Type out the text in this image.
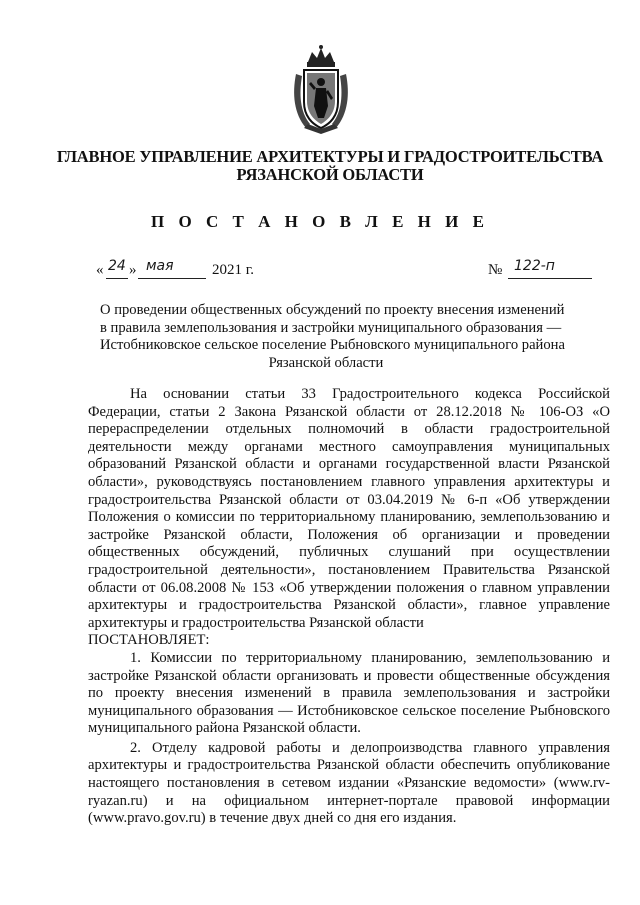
ГЛАВНОЕ УПРАВЛЕНИЕ АРХИТЕКТУРЫ И ГРАДОСТРОИТЕЛЬСТВА
РЯЗАНСКОЙ ОБЛАСТИ
П О С Т А Н О В Л Е Н И Е
« 24 » мая	2021 г.	№ 122-п
О проведении общественных обсуждений по проекту внесения изменений
в правила землепользования и застройки муниципального образования —
Истобниковское сельское поселение Рыбновского муниципального района
Рязанской области

На основании статьи 33 Градостроительного кодекса Российской Федерации, статьи 2 Закона Рязанской области от 28.12.2018 № 106-ОЗ «О перераспределении отдельных полномочий в области градостроительной деятельности между органами местного самоуправления муниципальных образований Рязанской области и органами государственной власти Рязанской области», руководствуясь постановлением главного управления архитектуры и градостроительства Рязанской области от 03.04.2019 № 6-п «Об утверждении Положения о комиссии по территориальному планированию, землепользованию и застройке Рязанской области, Положения об организации и проведении общественных обсуждений, публичных слушаний при осуществлении градостроительной деятельности», постановлением Правительства Рязанской области от 06.08.2008 № 153 «Об утверждении положения о главном управлении архитектуры и градостроительства Рязанской области», главное управление архитектуры и градостроительства Рязанской области

ПОСТАНОВЛЯЕТ:

1. Комиссии по территориальному планированию, землепользованию и застройке Рязанской области организовать и провести общественные обсуждения по проекту внесения изменений в правила землепользования и застройки муниципального образования — Истобниковское сельское поселение Рыбновского муниципального района Рязанской области.

2. Отделу кадровой работы и делопроизводства главного управления архитектуры и градостроительства Рязанской области обеспечить опубликование настоящего постановления в сетевом издании «Рязанские ведомости» (www.rv-ryazan.ru) и на официальном интернет-портале правовой информации (www.pravo.gov.ru) в течение двух дней со дня его издания.
